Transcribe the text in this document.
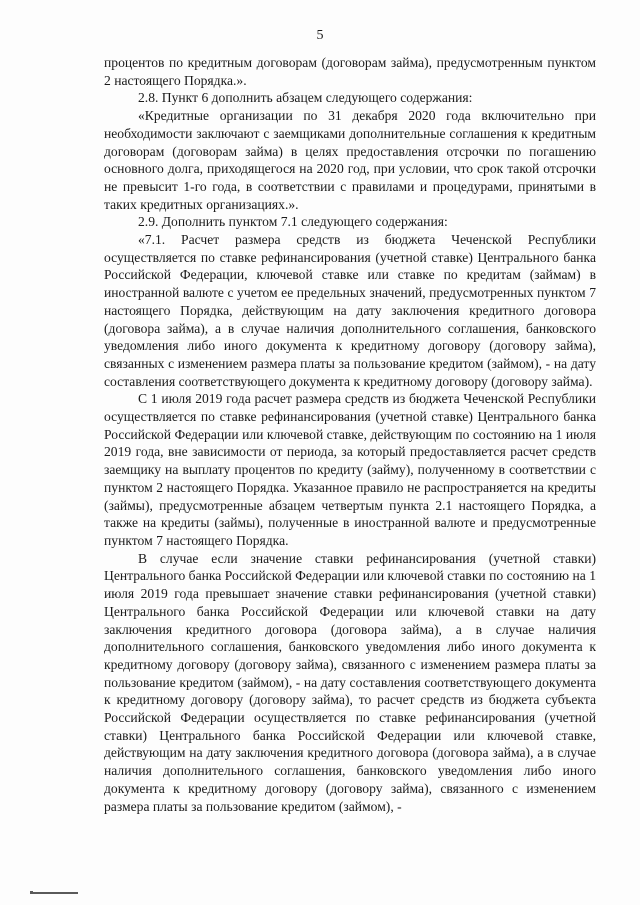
5

процентов по кредитным договорам (договорам займа), предусмотренным пунктом 2 настоящего Порядка.».

2.8. Пункт 6 дополнить абзацем следующего содержания:

«Кредитные организации по 31 декабря 2020 года включительно при необходимости заключают с заемщиками дополнительные соглашения к кредитным договорам (договорам займа) в целях предоставления отсрочки по погашению основного долга, приходящегося на 2020 год, при условии, что срок такой отсрочки не превысит 1-го года, в соответствии с правилами и процедурами, принятыми в таких кредитных организациях.».

2.9. Дополнить пунктом 7.1 следующего содержания:

«7.1. Расчет размера средств из бюджета Чеченской Республики осуществляется по ставке рефинансирования (учетной ставке) Центрального банка Российской Федерации, ключевой ставке или ставке по кредитам (займам) в иностранной валюте с учетом ее предельных значений, предусмотренных пунктом 7 настоящего Порядка, действующим на дату заключения кредитного договора (договора займа), а в случае наличия дополнительного соглашения, банковского уведомления либо иного документа к кредитному договору (договору займа), связанных с изменением размера платы за пользование кредитом (займом), - на дату составления соответствующего документа к кредитному договору (договору займа).

С 1 июля 2019 года расчет размера средств из бюджета Чеченской Республики осуществляется по ставке рефинансирования (учетной ставке) Центрального банка Российской Федерации или ключевой ставке, действующим по состоянию на 1 июля 2019 года, вне зависимости от периода, за который предоставляется расчет средств заемщику на выплату процентов по кредиту (займу), полученному в соответствии с пунктом 2 настоящего Порядка. Указанное правило не распространяется на кредиты (займы), предусмотренные абзацем четвертым пункта 2.1 настоящего Порядка, а также на кредиты (займы), полученные в иностранной валюте и предусмотренные пунктом 7 настоящего Порядка.

В случае если значение ставки рефинансирования (учетной ставки) Центрального банка Российской Федерации или ключевой ставки по состоянию на 1 июля 2019 года превышает значение ставки рефинансирования (учетной ставки) Центрального банка Российской Федерации или ключевой ставки на дату заключения кредитного договора (договора займа), а в случае наличия дополнительного соглашения, банковского уведомления либо иного документа к кредитному договору (договору займа), связанного с изменением размера платы за пользование кредитом (займом), - на дату составления соответствующего документа к кредитному договору (договору займа), то расчет средств из бюджета субъекта Российской Федерации осуществляется по ставке рефинансирования (учетной ставки) Центрального банка Российской Федерации или ключевой ставке, действующим на дату заключения кредитного договора (договора займа), а в случае наличия дополнительного соглашения, банковского уведомления либо иного документа к кредитному договору (договору займа), связанного с изменением размера платы за пользование кредитом (займом), -
